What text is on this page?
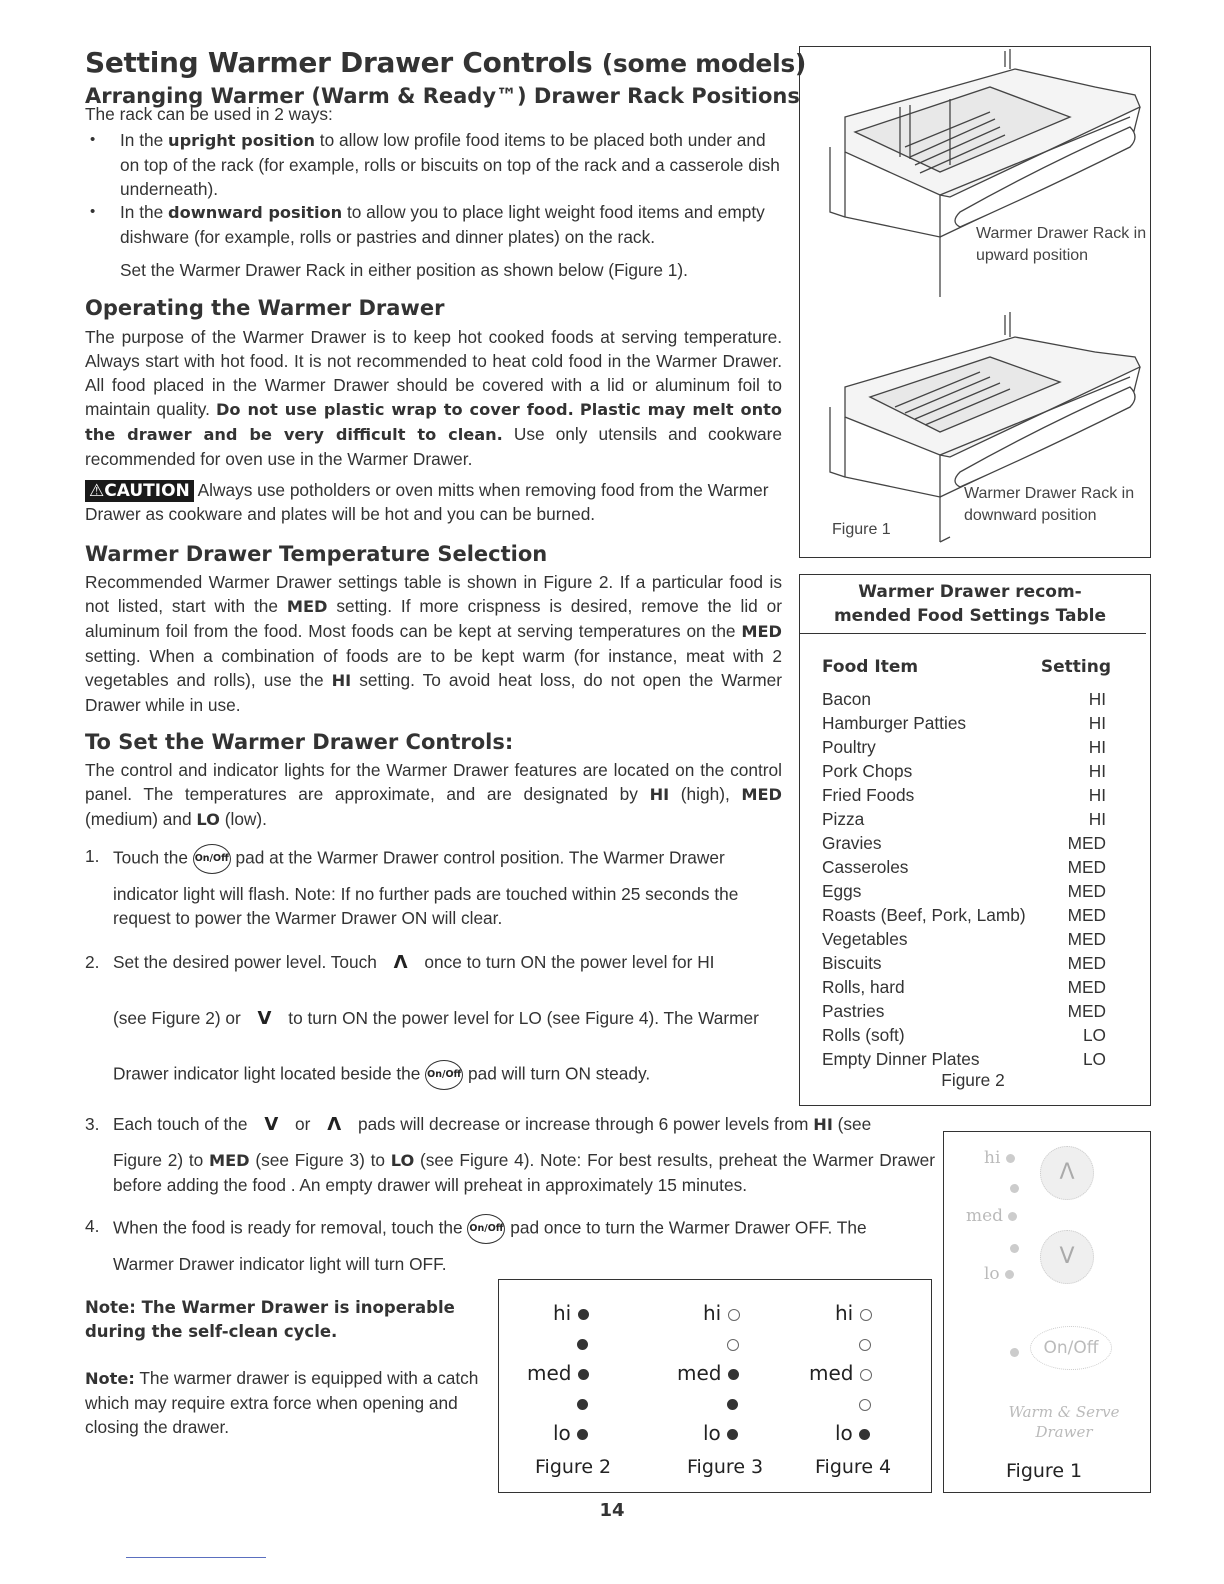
Setting Warmer Drawer Controls (some models)
Arranging Warmer (Warm & Ready™) Drawer Rack Positions
The rack can be used in 2 ways:
• In the upright position to allow low profile food items to be placed both under and on top of the rack (for example, rolls or biscuits on top of the rack and a casserole dish underneath).
• In the downward position to allow you to place light weight food items and empty dishware (for example, rolls or pastries and dinner plates) on the rack.
Set the Warmer Drawer Rack in either position as shown below (Figure 1).
Operating the Warmer Drawer
The purpose of the Warmer Drawer is to keep hot cooked foods at serving temperature. Always start with hot food. It is not recommended to heat cold food in the Warmer Drawer. All food placed in the Warmer Drawer should be covered with a lid or aluminum foil to maintain quality. Do not use plastic wrap to cover food. Plastic may melt onto the drawer and be very difficult to clean. Use only utensils and cookware recommended for oven use in the Warmer Drawer.
⚠CAUTION Always use potholders or oven mitts when removing food from the Warmer Drawer as cookware and plates will be hot and you can be burned.
Warmer Drawer Temperature Selection
Recommended Warmer Drawer settings table is shown in Figure 2. If a particular food is not listed, start with the MED setting. If more crispness is desired, remove the lid or aluminum foil from the food. Most foods can be kept at serving temperatures on the MED setting. When a combination of foods are to be kept warm (for instance, meat with 2 vegetables and rolls), use the HI setting. To avoid heat loss, do not open the Warmer Drawer while in use.
To Set the Warmer Drawer Controls:
The control and indicator lights for the Warmer Drawer features are located on the control panel. The temperatures are approximate, and are designated by HI (high), MED (medium) and LO (low).
1. Touch the On/Off pad at the Warmer Drawer control position. The Warmer Drawer
indicator light will flash. Note: If no further pads are touched within 25 seconds the request to power the Warmer Drawer ON will clear.
2. Set the desired power level. Touch Λ once to turn ON the power level for HI
(see Figure 2) or V to turn ON the power level for LO (see Figure 4). The Warmer
Drawer indicator light located beside the On/Off pad will turn ON steady.
3. Each touch of the V or Λ pads will decrease or increase through 6 power levels from HI (see
Figure 2) to MED (see Figure 3) to LO (see Figure 4). Note: For best results, preheat the Warmer Drawer before adding the food . An empty drawer will preheat in approximately 15 minutes.
4. When the food is ready for removal, touch the On/Off pad once to turn the Warmer Drawer OFF. The
Warmer Drawer indicator light will turn OFF.
Note: The Warmer Drawer is inoperable during the self-clean cycle.
Note: The warmer drawer is equipped with a catch which may require extra force when opening and closing the drawer.
Warmer Drawer Rack in upward position
Warmer Drawer Rack in downward position
Figure 1
Warmer Drawer recom-mended Food Settings Table
Food Item	Setting
Bacon	HI
Hamburger Patties	HI
Poultry	HI
Pork Chops	HI
Fried Foods	HI
Pizza	HI
Gravies	MED
Casseroles	MED
Eggs	MED
Roasts (Beef, Pork, Lamb) MED
Vegetables	MED
Biscuits	MED
Rolls, hard	MED
Pastries	MED
Rolls (soft)	LO
Empty Dinner Plates	LO
Figure 2
hi
med
lo
Figure 2
hi
med
lo
Figure 3
hi
med
lo
Figure 4
hi
med
lo
Λ
V
On/Off
Warm & Serve Drawer
Figure 1
14
